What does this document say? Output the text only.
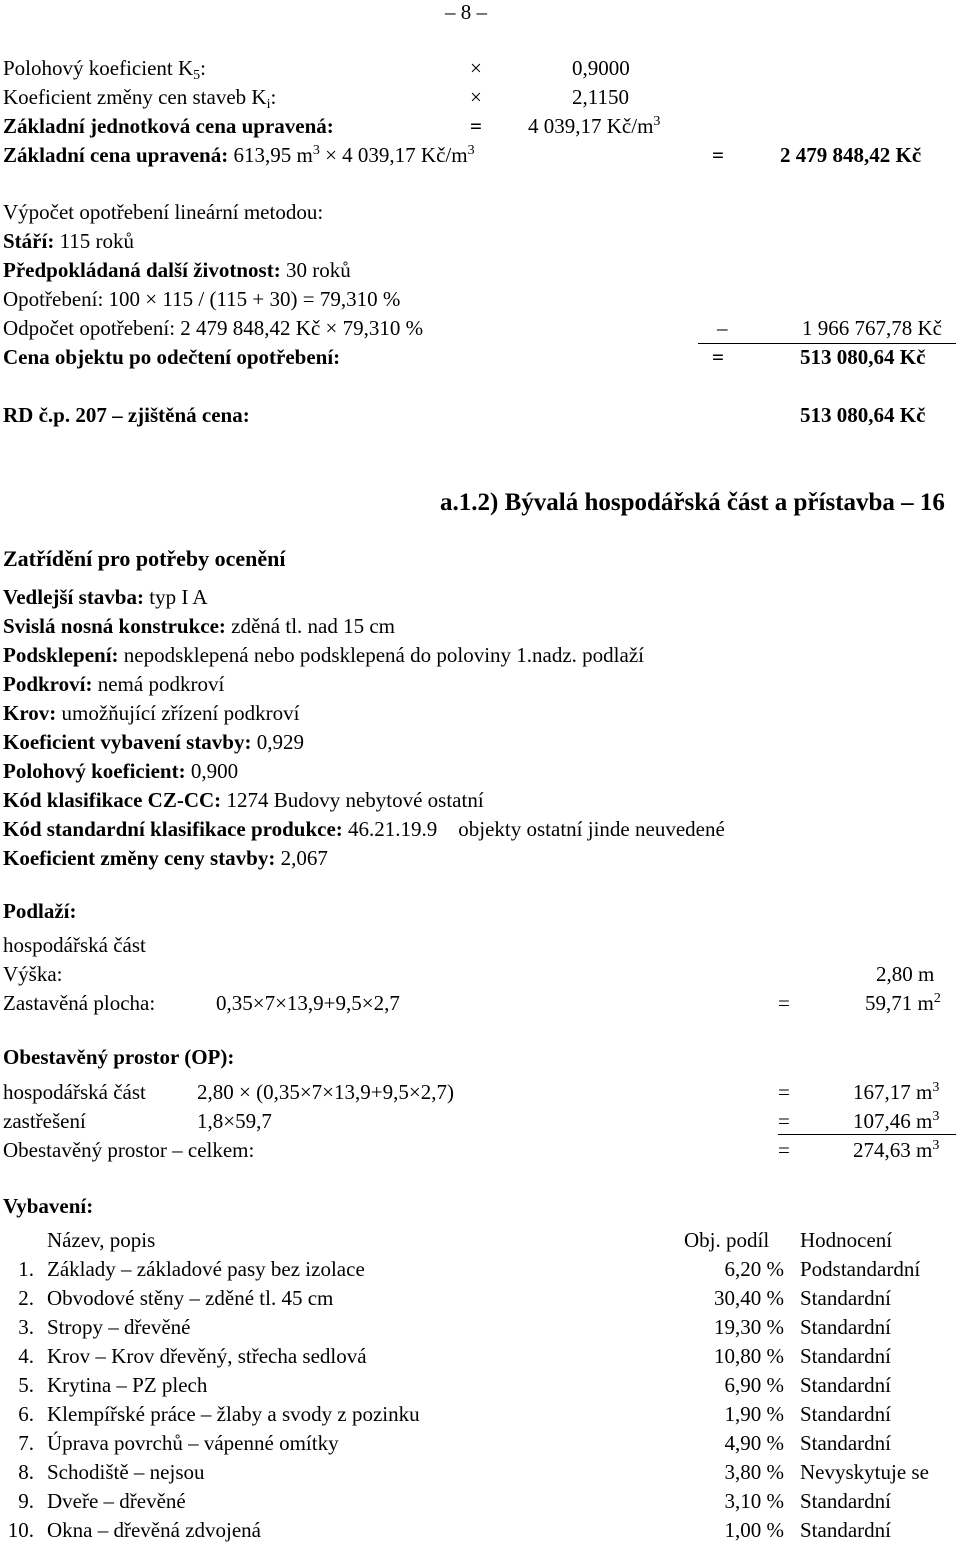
– 8 –
Polohový koeficient $K_5$:	×	0,9000
Koeficient změny cen staveb $K_i$:	×	2,1150
Základní jednotková cena upravená:	= 4 039,17 $Kč/m^3$
Základní cena upravená: 613,95 $m^3 \times 4$ 039,17 $Kč/m^3$	=	2 479 848,42 Kč
Výpočet opotřebení lineární metodou:
Stáří: 115 roků
Předpokládaná další životnost: 30 roků
Opotřebení: 100 × 115 / (115 + 30) = 79,310 %
Odpočet opotřebení: 2 479 848,42 Kč × 79,310 %	–	1 966 767,78 Kč
Cena objektu po odečtení opotřebení:	=	513 080,64 Kč
RD č.p. 207 – zjištěná cena:	513 080,64 Kč
a.1.2) Bývalá hospodářská část a přístavba – 16
Zatřídění pro potřeby ocenění
Vedlejší stavba: typ I A
Svislá nosná konstrukce: zděná tl. nad 15 cm
Podsklepení: nepodsklepená nebo podsklepená do poloviny 1.nadz. podlaží
Podkroví: nemá podkroví
Krov: umožňující zřízení podkroví
Koeficient vybavení stavby: 0,929
Polohový koeficient: 0,900
Kód klasifikace CZ-CC: 1274 Budovy nebytové ostatní
Kód standardní klasifikace produkce: 46.21.19.9    objekty ostatní jinde neuvedené
Koeficient změny ceny stavby: 2,067
Podlaží:
hospodářská část
Výška:	2,80 m
Zastavěná plocha:	0,35×7×13,9+9,5×2,7	=	59,71 $m^2$
Obestavěný prostor (OP):
hospodářská část 2,80 × (0,35×7×13,9+9,5×2,7)	=	167,17 $m^3$
zastřešení	1,8×59,7	=	107,46 $m^3$
Obestavěný prostor – celkem:	=	274,63 $m^3$
Vybavení:
Název, popis	Obj. podíl Hodnocení
1. Základy – základové pasy bez izolace	6,20 % Podstandardní
2. Obvodové stěny – zděné tl. 45 cm	30,40 % Standardní
3. Stropy – dřevěné	19,30 % Standardní
4. Krov – Krov dřevěný, střecha sedlová	10,80 % Standardní
5. Krytina – PZ plech	6,90 % Standardní
6. Klempířské práce – žlaby a svody z pozinku	1,90 % Standardní
7. Úprava povrchů – vápenné omítky	4,90 % Standardní
8. Schodiště – nejsou	3,80 % Nevyskytuje se
9. Dveře – dřevěné	3,10 % Standardní
10. Okna – dřevěná zdvojená	1,00 % Standardní
